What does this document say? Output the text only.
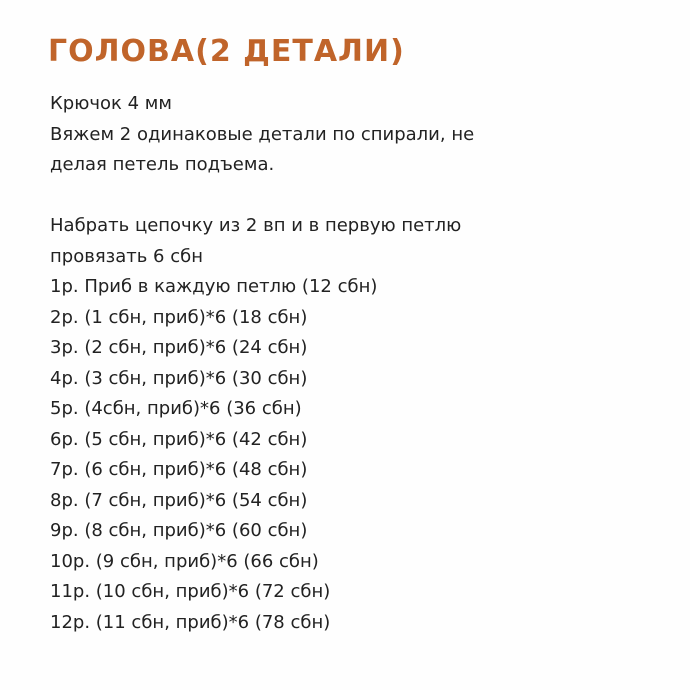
ГОЛОВА(2 ДЕТАЛИ)

Крючок 4 мм

Вяжем 2 одинаковые детали по спирали, не

делая петель подъема.

Набрать цепочку из 2 вп и в первую петлю

провязать 6 сбн

1р. Приб в каждую петлю (12 сбн)

2р. (1 сбн, приб)*6 (18 сбн)

3р. (2 сбн, приб)*6 (24 сбн)

4р. (3 сбн, приб)*6 (30 сбн)

5р. (4сбн, приб)*6 (36 сбн)

6р. (5 сбн, приб)*6 (42 сбн)

7р. (6 сбн, приб)*6 (48 сбн)

8р. (7 сбн, приб)*6 (54 сбн)

9р. (8 сбн, приб)*6 (60 сбн)

10р. (9 сбн, приб)*6 (66 сбн)

11р. (10 сбн, приб)*6 (72 сбн)

12р. (11 сбн, приб)*6 (78 сбн)
